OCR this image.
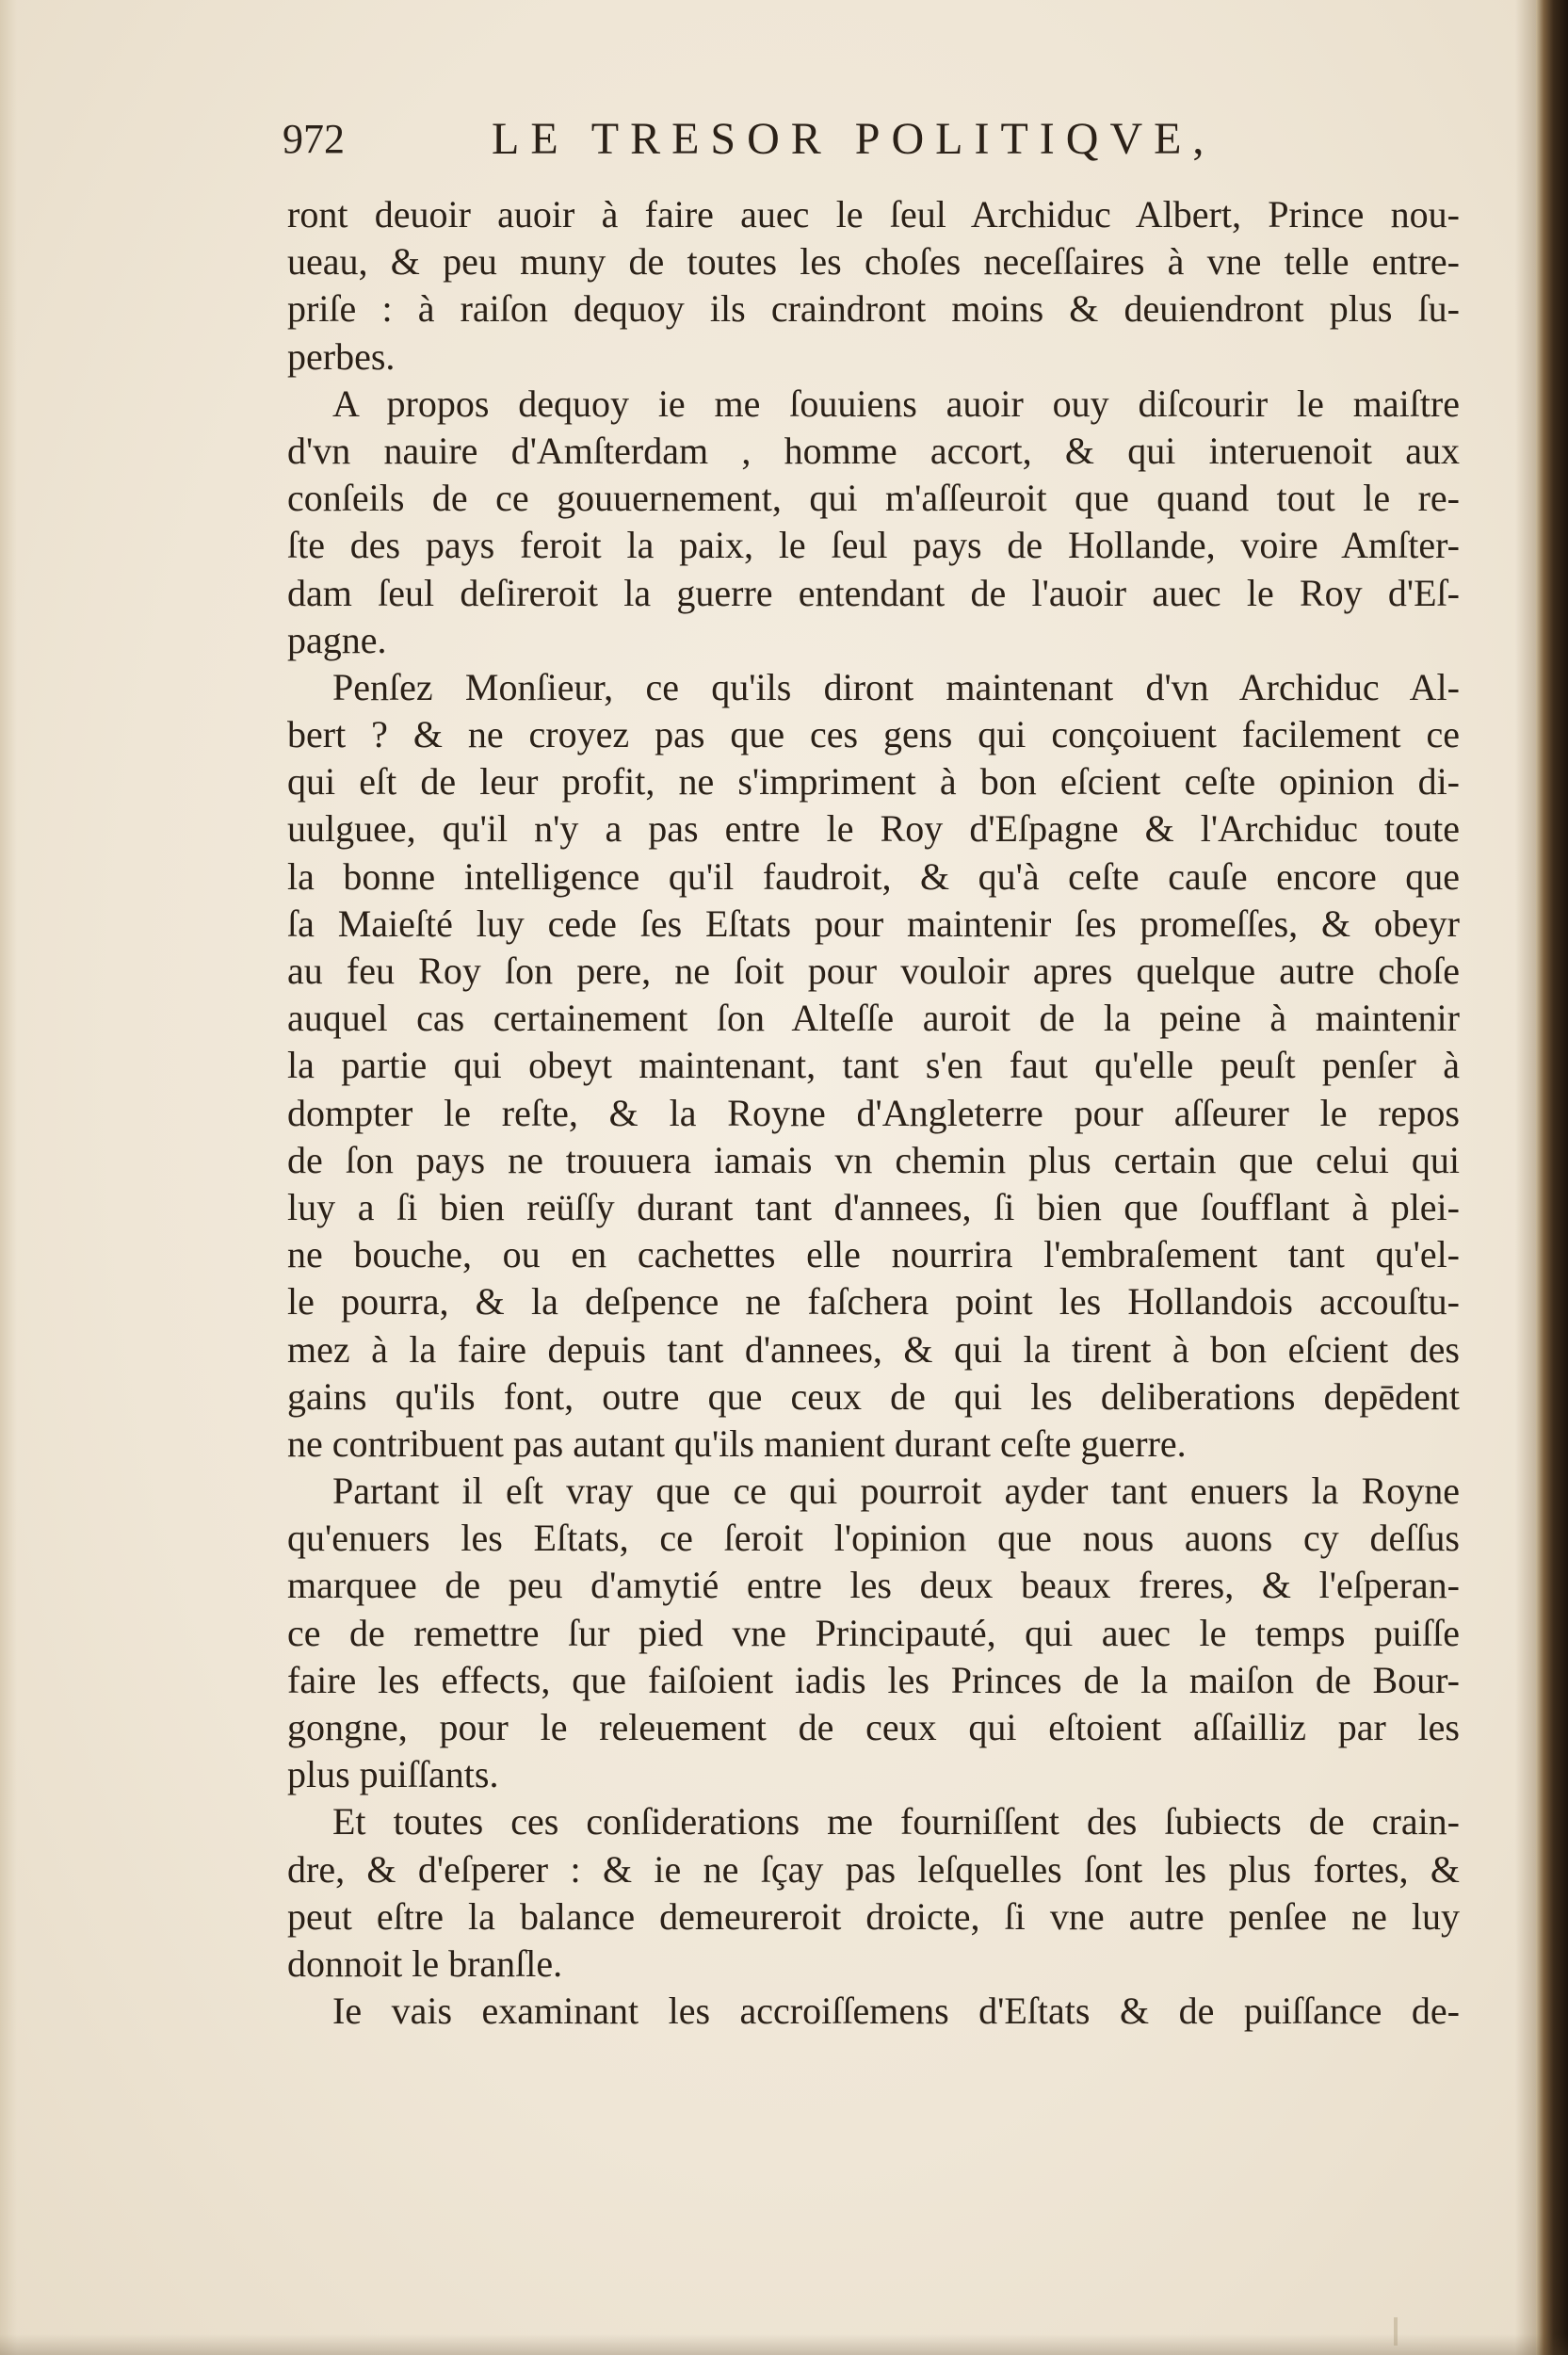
972	LE TRESOR POLITIQVE,
ront deuoir auoir à faire auec le ſeul Archiduc Albert, Prince nou-
ueau, & peu muny de toutes les choſes neceſſaires à vne telle entre-
priſe : à raiſon dequoy ils craindront moins & deuiendront plus ſu-
perbes.
A propos dequoy ie me ſouuiens auoir ouy diſcourir le maiſtre
d'vn nauire d'Amſterdam , homme accort, & qui interuenoit aux
conſeils de ce gouuernement, qui m'aſſeuroit que quand tout le re-
ſte des pays feroit la paix, le ſeul pays de Hollande, voire Amſter-
dam ſeul deſireroit la guerre entendant de l'auoir auec le Roy d'Eſ-
pagne.
Penſez Monſieur, ce qu'ils diront maintenant d'vn Archiduc Al-
bert ? & ne croyez pas que ces gens qui conçoiuent facilement ce
qui eſt de leur profit, ne s'impriment à bon eſcient ceſte opinion di-
uulguee, qu'il n'y a pas entre le Roy d'Eſpagne & l'Archiduc toute
la bonne intelligence qu'il faudroit, & qu'à ceſte cauſe encore que
ſa Maieſté luy cede ſes Eſtats pour maintenir ſes promeſſes, & obeyr
au feu Roy ſon pere, ne ſoit pour vouloir apres quelque autre choſe
auquel cas certainement ſon Alteſſe auroit de la peine à maintenir
la partie qui obeyt maintenant, tant s'en faut qu'elle peuſt penſer à
dompter le reſte, & la Royne d'Angleterre pour aſſeurer le repos
de ſon pays ne trouuera iamais vn chemin plus certain que celui qui
luy a ſi bien reüſſy durant tant d'annees, ſi bien que ſoufflant à plei-
ne bouche, ou en cachettes elle nourrira l'embraſement tant qu'el-
le pourra, & la deſpence ne faſchera point les Hollandois accouſtu-
mez à la faire depuis tant d'annees, & qui la tirent à bon eſcient des
gains qu'ils font, outre que ceux de qui les deliberations depēdent
ne contribuent pas autant qu'ils manient durant ceſte guerre.
Partant il eſt vray que ce qui pourroit ayder tant enuers la Royne
qu'enuers les Eſtats, ce ſeroit l'opinion que nous auons cy deſſus
marquee de peu d'amytié entre les deux beaux freres, & l'eſperan-
ce de remettre ſur pied vne Principauté, qui auec le temps puiſſe
faire les effects, que faiſoient iadis les Princes de la maiſon de Bour-
gongne, pour le releuement de ceux qui eſtoient aſſailliz par les
plus puiſſants.
Et toutes ces conſiderations me fourniſſent des ſubiects de crain-
dre, & d'eſperer : & ie ne ſçay pas leſquelles ſont les plus fortes, &
peut eſtre la balance demeureroit droicte, ſi vne autre penſee ne luy
donnoit le branſle.
Ie vais examinant les accroiſſemens d'Eſtats & de puiſſance de-
